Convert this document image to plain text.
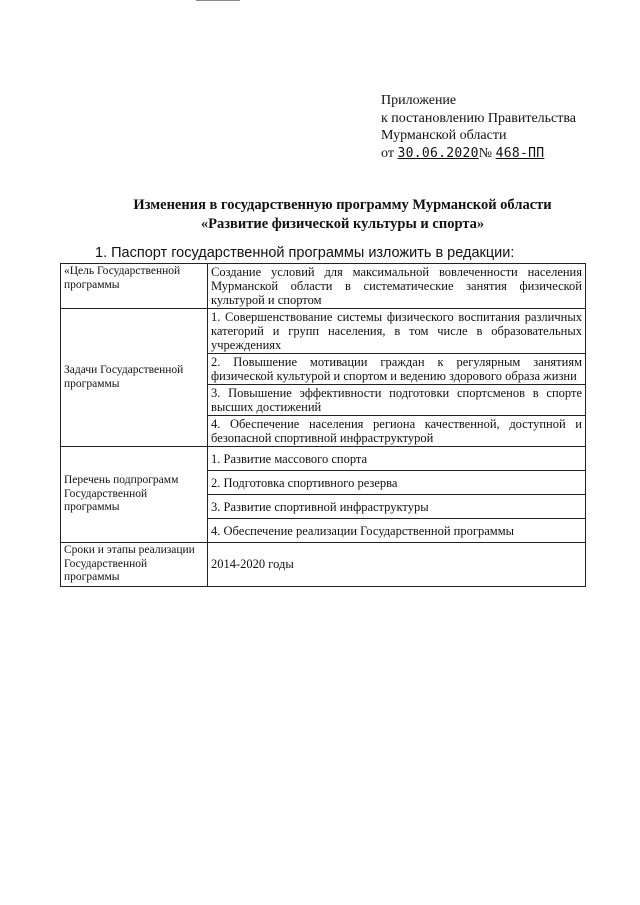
Приложение
к постановлению Правительства
Мурманской области
от 30.06.2020№ 468-ПП
Изменения в государственную программу Мурманской области
«Развитие физической культуры и спорта»
1. Паспорт государственной программы изложить в редакции:
«Цель Государственной программы	Создание условий для максимальной вовлеченности населения Мурманской области в систематические занятия физической культурой и спортом
Задачи Государственной программы	1. Совершенствование системы физического воспитания различных категорий и групп населения, в том числе в образовательных учреждениях
	2. Повышение мотивации граждан к регулярным занятиям физической культурой и спортом и ведению здорового образа жизни
	3. Повышение эффективности подготовки спортсменов в спорте высших достижений
	4. Обеспечение населения региона качественной, доступной и безопасной спортивной инфраструктурой
Перечень подпрограмм Государственной программы	1. Развитие массового спорта
	2. Подготовка спортивного резерва
	3. Развитие спортивной инфраструктуры
	4. Обеспечение реализации Государственной программы
Сроки и этапы реализации Государственной программы	2014-2020 годы
